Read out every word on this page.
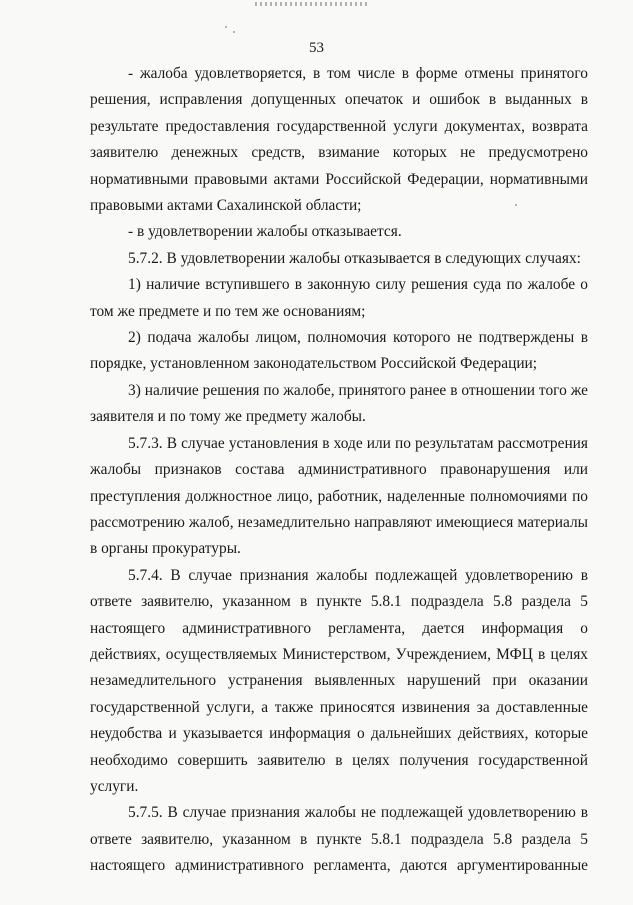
53

- жалоба удовлетворяется, в том числе в форме отмены принятого решения, исправления допущенных опечаток и ошибок в выданных в результате предоставления государственной услуги документах, возврата заявителю денежных средств, взимание которых не предусмотрено нормативными правовыми актами Российской Федерации, нормативными правовыми актами Сахалинской области;

- в удовлетворении жалобы отказывается.

5.7.2. В удовлетворении жалобы отказывается в следующих случаях:

1) наличие вступившего в законную силу решения суда по жалобе о том же предмете и по тем же основаниям;

2) подача жалобы лицом, полномочия которого не подтверждены в порядке, установленном законодательством Российской Федерации;

3) наличие решения по жалобе, принятого ранее в отношении того же заявителя и по тому же предмету жалобы.

5.7.3. В случае установления в ходе или по результатам рассмотрения жалобы признаков состава административного правонарушения или преступления должностное лицо, работник, наделенные полномочиями по рассмотрению жалоб, незамедлительно направляют имеющиеся материалы в органы прокуратуры.

5.7.4. В случае признания жалобы подлежащей удовлетворению в ответе заявителю, указанном в пункте 5.8.1 подраздела 5.8 раздела 5 настоящего административного регламента, дается информация о действиях, осуществляемых Министерством, Учреждением, МФЦ в целях незамедлительного устранения выявленных нарушений при оказании государственной услуги, а также приносятся извинения за доставленные неудобства и указывается информация о дальнейших действиях, которые необходимо совершить заявителю в целях получения государственной услуги.

5.7.5. В случае признания жалобы не подлежащей удовлетворению в ответе заявителю, указанном в пункте 5.8.1 подраздела 5.8 раздела 5 настоящего административного регламента, даются аргументированные
